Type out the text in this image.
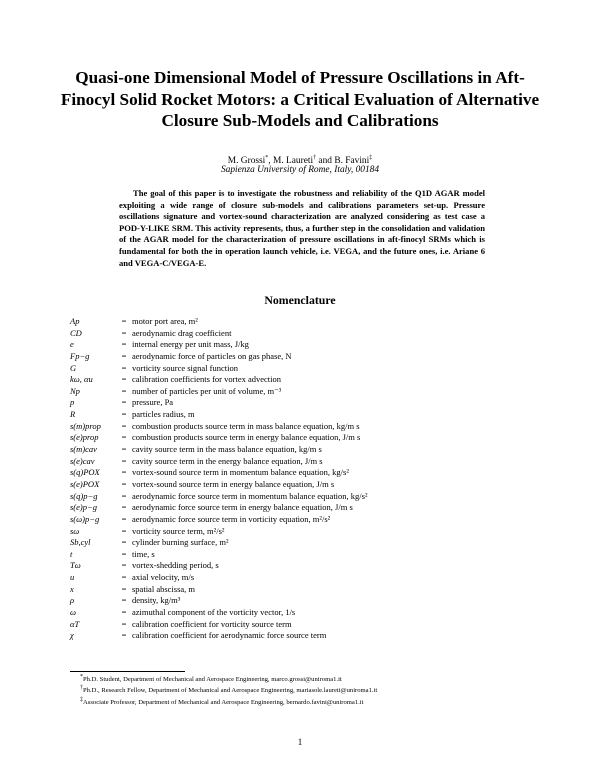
Quasi-one Dimensional Model of Pressure Oscillations in Aft-Finocyl Solid Rocket Motors: a Critical Evaluation of Alternative Closure Sub-Models and Calibrations
M. Grossi*, M. Laureti† and B. Favini‡
Sapienza University of Rome, Italy, 00184
The goal of this paper is to investigate the robustness and reliability of the Q1D AGAR model exploiting a wide range of closure sub-models and calibrations parameters set-up. Pressure oscillations signature and vortex-sound characterization are analyzed considering as test case a POD-Y-LIKE SRM. This activity represents, thus, a further step in the consolidation and validation of the AGAR model for the characterization of pressure oscillations in aft-finocyl SRMs which is fundamental for both the in operation launch vehicle, i.e. VEGA, and the future ones, i.e. Ariane 6 and VEGA-C/VEGA-E.
Nomenclature
Ap	= motor port area, m²
CD	= aerodynamic drag coefficient
e	= internal energy per unit mass, J/kg
Fp−g	= aerodynamic force of particles on gas phase, N
G	= vorticity source signal function
kω, αu	= calibration coefficients for vortex advection
Np	= number of particles per unit of volume, m⁻³
p	= pressure, Pa
R	= particles radius, m
s(m)prop	= combustion products source term in mass balance equation, kg/m s
s(e)prop	= combustion products source term in energy balance equation, J/m s
s(m)cav	= cavity source term in the mass balance equation, kg/m s
s(e)cav	= cavity source term in the energy balance equation, J/m s
s(q)POX	= vortex-sound source term in momentum balance equation, kg/s²
s(e)POX	= vortex-sound source term in energy balance equation, J/m s
s(q)p−g	= aerodynamic force source term in momentum balance equation, kg/s²
s(e)p−g	= aerodynamic force source term in energy balance equation, J/m s
s(ω)p−g	= aerodynamic force source term in vorticity equation, m²/s²
sω	= vorticity source term, m²/s²
Sb,cyl	= cylinder burning surface, m²
t	= time, s
Tω	= vortex-shedding period, s
u	= axial velocity, m/s
x	= spatial abscissa, m
ρ	= density, kg/m³
ω	= azimuthal component of the vorticity vector, 1/s
αT	= calibration coefficient for vorticity source term
χ	= calibration coefficient for aerodynamic force source term
*Ph.D. Student, Department of Mechanical and Aerospace Engineering, marco.grossi@uniroma1.it
†Ph.D., Research Fellow, Department of Mechanical and Aerospace Engineering, mariasole.laureti@uniroma1.it
‡Associate Professor, Department of Mechanical and Aerospace Engineering, bernardo.favini@uniroma1.it
1
